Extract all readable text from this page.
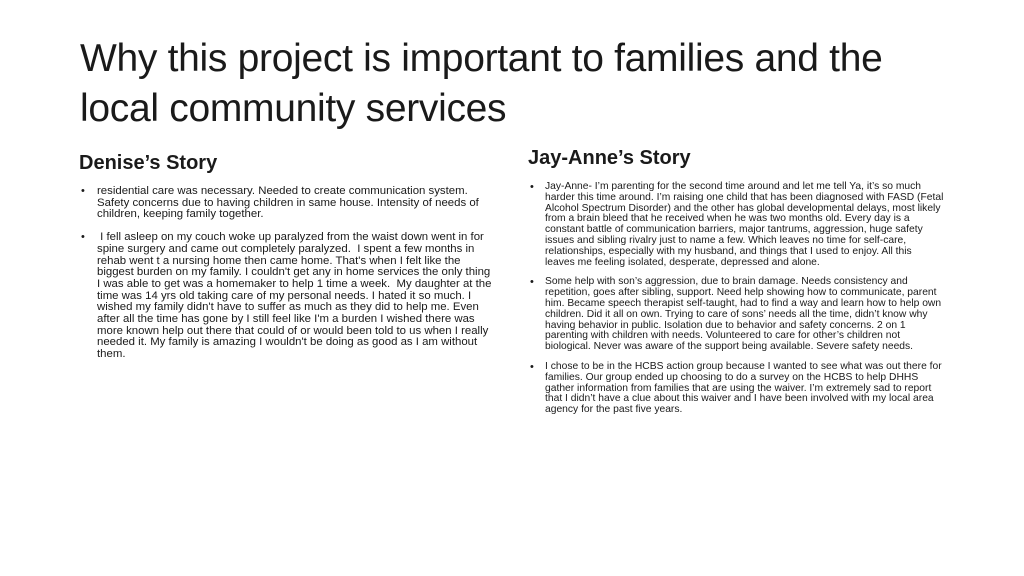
Why this project is important to families and the local community services
Denise’s Story
• residential care was necessary. Needed to create communication system. Safety concerns due to having children in same house. Intensity of needs of children, keeping family together.
• I fell asleep on my couch woke up paralyzed from the waist down went in for spine surgery and came out completely paralyzed.  I spent a few months in rehab went t a nursing home then came home. That's when I felt like the biggest burden on my family. I couldn't get any in home services the only thing I was able to get was a homemaker to help 1 time a week.  My daughter at the time was 14 yrs old taking care of my personal needs. I hated it so much. I wished my family didn't have to suffer as much as they did to help me. Even after all the time has gone by I still feel like I'm a burden I wished there was more known help out there that could of or would been told to us when I really needed it. My family is amazing I wouldn't be doing as good as I am without them.
Jay-Anne’s Story
• Jay-Anne- I’m parenting for the second time around and let me tell Ya, it’s so much harder this time around. I’m raising one child that has been diagnosed with FASD (Fetal Alcohol Spectrum Disorder) and the other has global developmental delays, most likely from a brain bleed that he received when he was two months old. Every day is a constant battle of communication barriers, major tantrums, aggression, huge safety issues and sibling rivalry just to name a few. Which leaves no time for self-care, relationships, especially with my husband, and things that I used to enjoy. All this leaves me feeling isolated, desperate, depressed and alone.
• Some help with son’s aggression, due to brain damage. Needs consistency and repetition, goes after sibling, support. Need help showing how to communicate, parent him. Became speech therapist self-taught, had to find a way and learn how to help own children. Did it all on own. Trying to care of sons’ needs all the time, didn’t know why having behavior in public. Isolation due to behavior and safety concerns. 2 on 1 parenting with children with needs. Volunteered to care for other’s children not biological. Never was aware of the support being available. Severe safety needs.
• I chose to be in the HCBS action group because I wanted to see what was out there for families. Our group ended up choosing to do a survey on the HCBS to help DHHS gather information from families that are using the waiver. I’m extremely sad to report that I didn’t have a clue about this waiver and I have been involved with my local area agency for the past five years.
